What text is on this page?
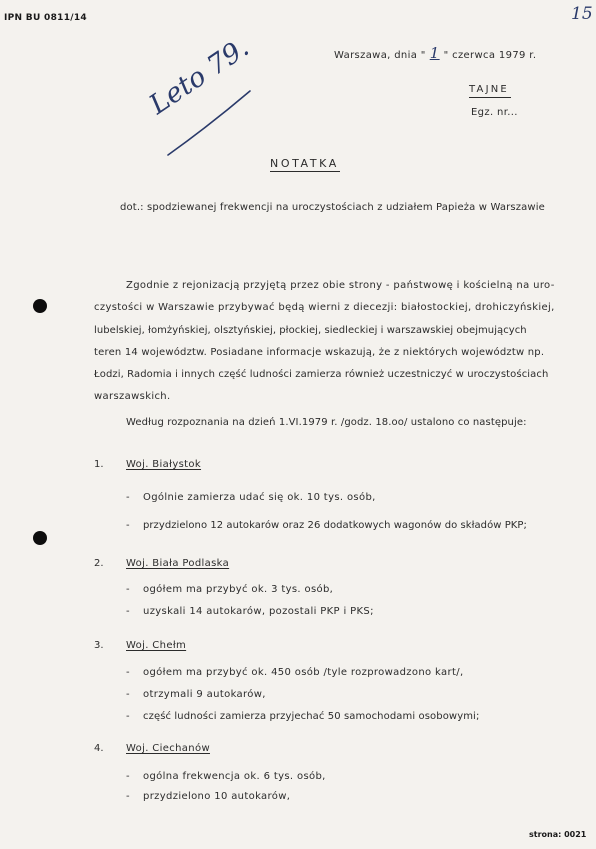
IPN BU 0811/14	15
Warszawa, dnia " 1 " czerwca 1979 r.
TAJNE
Egz. nr...
Leto 79.
NOTATKA
dot.: spodziewanej frekwencji na uroczystościach z udziałem Papieża w Warszawie
Zgodnie z rejonizacją przyjętą przez obie strony - państwowę i kościelną na uro-
czystości w Warszawie przybywać będą wierni z diecezji: białostockiej, drohiczyńskiej,
lubelskiej, łomżyńskiej, olsztyńskiej, płockiej, siedleckiej i warszawskiej obejmujących
teren 14 województw. Posiadane informacje wskazują, że z niektórych województw np.
Łodzi, Radomia i innych część ludności zamierza również uczestniczyć w uroczystościach
warszawskich.
Według rozpoznania na dzień 1.VI.1979 r. /godz. 18.oo/ ustalono co następuje:
1. Woj. Białystok
- Ogólnie zamierza udać się ok. 10 tys. osób,
- przydzielono 12 autokarów oraz 26 dodatkowych wagonów do składów PKP;
2. Woj. Biała Podlaska
- ogółem ma przybyć ok. 3 tys. osób,
- uzyskali 14 autokarów, pozostali PKP i PKS;
3. Woj. Chełm
- ogółem ma przybyć ok. 450 osób /tyle rozprowadzono kart/,
- otrzymali 9 autokarów,
- część ludności zamierza przyjechać 50 samochodami osobowymi;
4. Woj. Ciechanów
- ogólna frekwencja ok. 6 tys. osób,
- przydzielono 10 autokarów,
strona: 0021
